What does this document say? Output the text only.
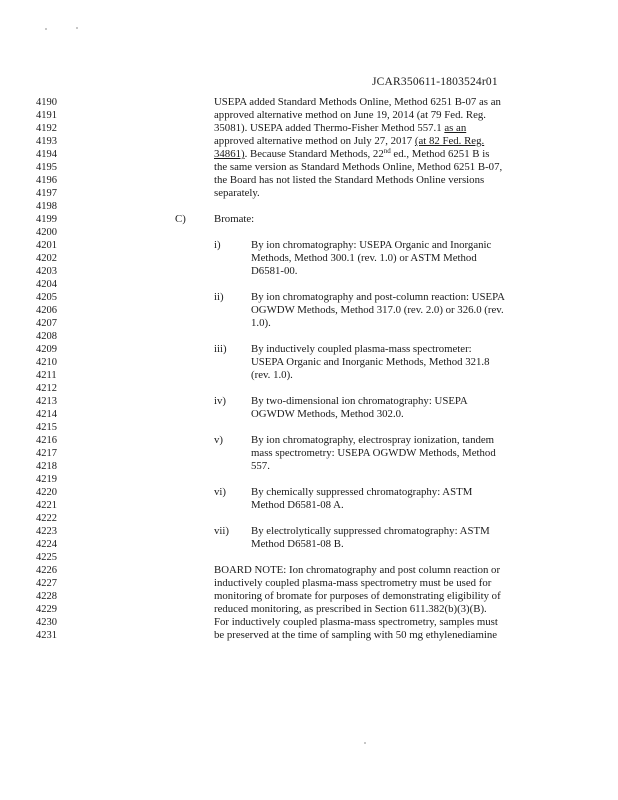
JCAR350611-1803524r01
4190
4191
4192
4193
4194
4195
4196
4197
4198
4199
4200
4201
4202
4203
4204
4205
4206
4207
4208
4209
4210
4211
4212
4213
4214
4215
4216
4217
4218
4219
4220
4221
4222
4223
4224
4225
4226
4227
4228
4229
4230
4231
USEPA added Standard Methods Online, Method 6251 B-07 as an
approved alternative method on June 19, 2014 (at 79 Fed. Reg.
35081). USEPA added Thermo-Fisher Method 557.1 as an
approved alternative method on July 27, 2017 (at 82 Fed. Reg.
34861). Because Standard Methods, 22nd ed., Method 6251 B is
the same version as Standard Methods Online, Method 6251 B-07,
the Board has not listed the Standard Methods Online versions
separately.
C)	Bromate:
i)	By ion chromatography: USEPA Organic and Inorganic
Methods, Method 300.1 (rev. 1.0) or ASTM Method
D6581-00.
ii)	By ion chromatography and post-column reaction: USEPA
OGWDW Methods, Method 317.0 (rev. 2.0) or 326.0 (rev.
1.0).
iii) By inductively coupled plasma-mass spectrometer:
USEPA Organic and Inorganic Methods, Method 321.8
(rev. 1.0).
iv) By two-dimensional ion chromatography: USEPA
OGWDW Methods, Method 302.0.
v)	By ion chromatography, electrospray ionization, tandem
mass spectrometry: USEPA OGWDW Methods, Method
557.
vi) By chemically suppressed chromatography: ASTM
Method D6581-08 A.
vii) By electrolytically suppressed chromatography: ASTM
Method D6581-08 B.
BOARD NOTE: Ion chromatography and post column reaction or
inductively coupled plasma-mass spectrometry must be used for
monitoring of bromate for purposes of demonstrating eligibility of
reduced monitoring, as prescribed in Section 611.382(b)(3)(B).
For inductively coupled plasma-mass spectrometry, samples must
be preserved at the time of sampling with 50 mg ethylenediamine
